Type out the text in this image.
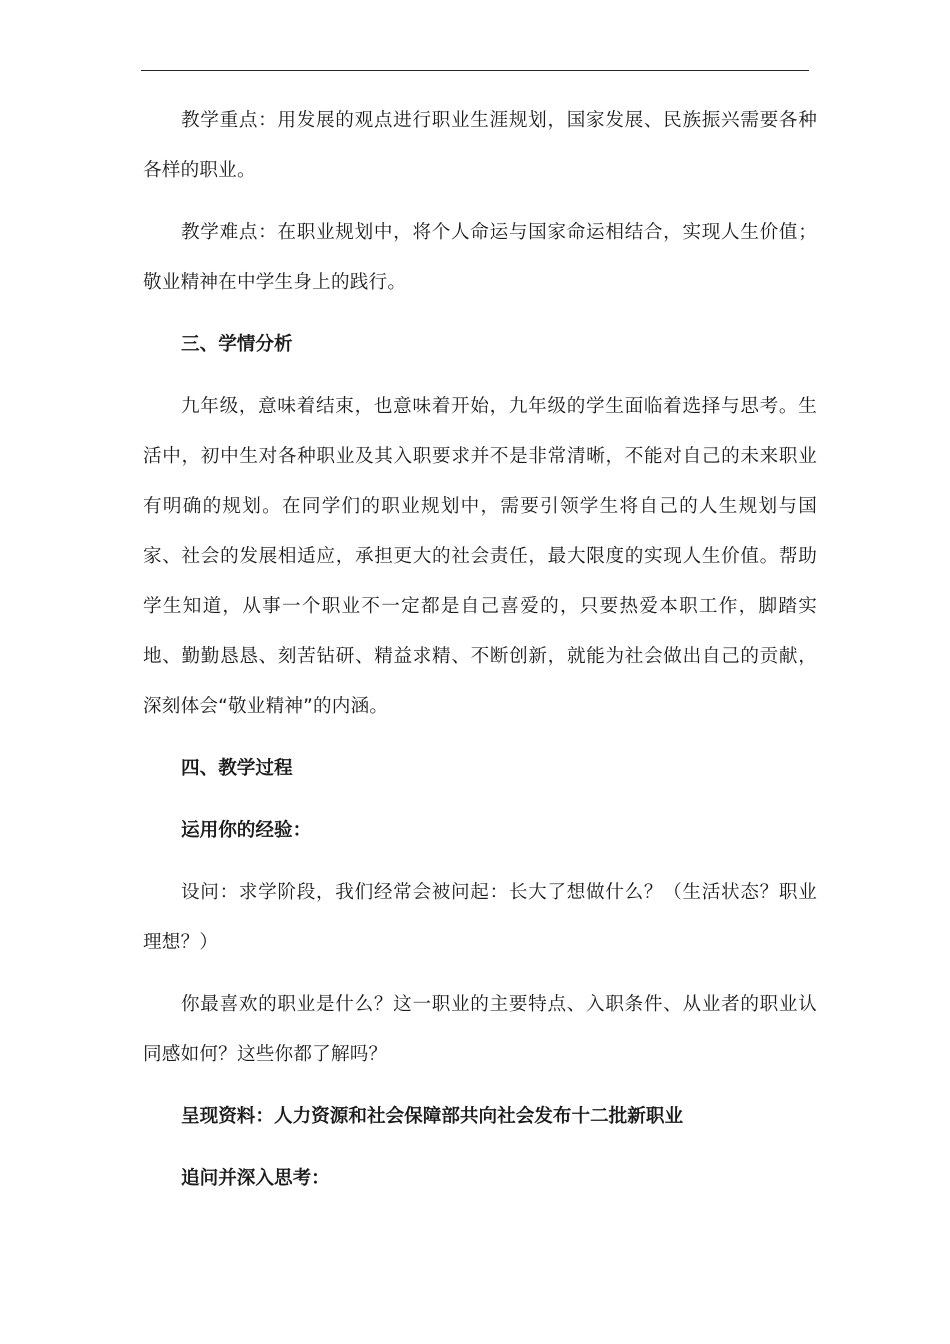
教学重点：用发展的观点进行职业生涯规划，国家发展、民族振兴需要各种各样的职业。

教学难点：在职业规划中，将个人命运与国家命运相结合，实现人生价值；敬业精神在中学生身上的践行。

三、学情分析

九年级，意味着结束，也意味着开始，九年级的学生面临着选择与思考。生活中，初中生对各种职业及其入职要求并不是非常清晰，不能对自己的未来职业有明确的规划。在同学们的职业规划中，需要引领学生将自己的人生规划与国家、社会的发展相适应，承担更大的社会责任，最大限度的实现人生价值。帮助学生知道，从事一个职业不一定都是自己喜爱的，只要热爱本职工作，脚踏实地、勤勤恳恳、刻苦钻研、精益求精、不断创新，就能为社会做出自己的贡献，深刻体会“敬业精神”的内涵。

四、教学过程

运用你的经验：

设问：求学阶段，我们经常会被问起：长大了想做什么？（生活状态？职业理想？）

你最喜欢的职业是什么？这一职业的主要特点、入职条件、从业者的职业认同感如何？这些你都了解吗？

呈现资料：人力资源和社会保障部共向社会发布十二批新职业

追问并深入思考：
